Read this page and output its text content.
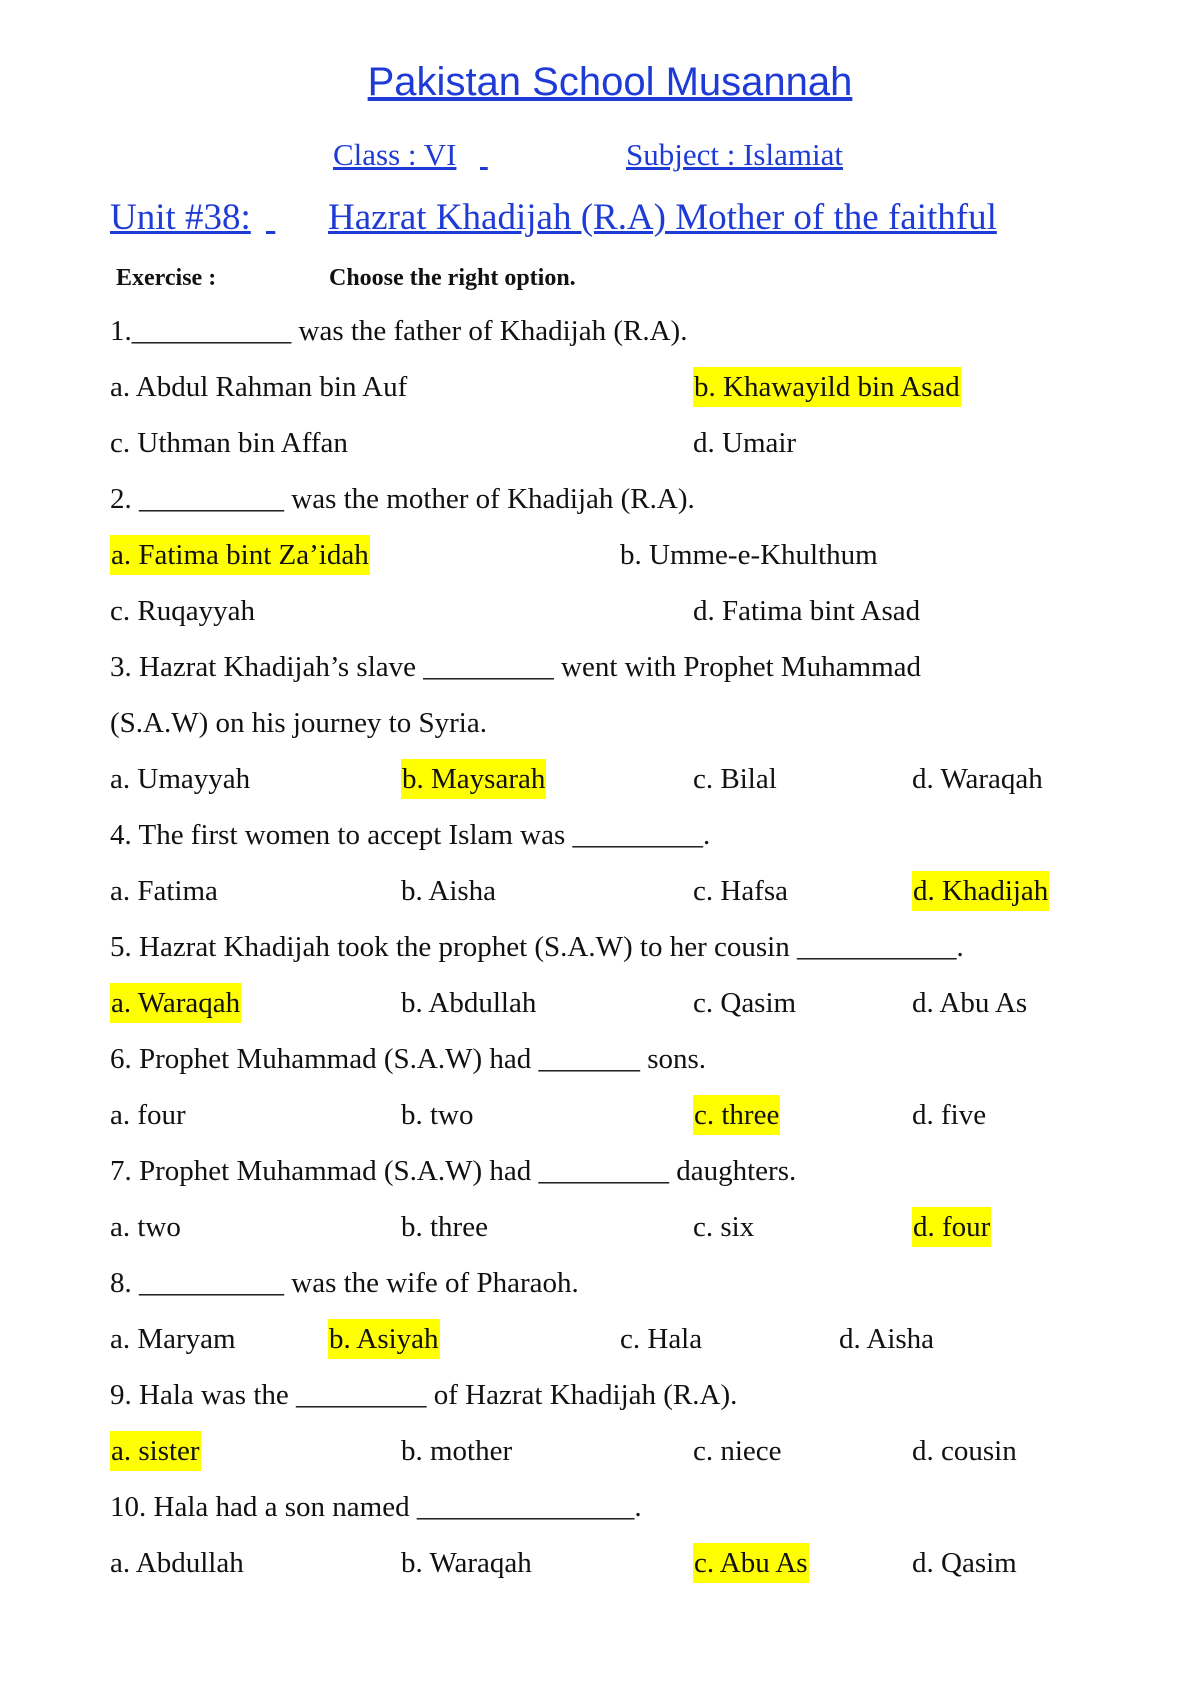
Pakistan School Musannah
Class : VI
	Subject : Islamiat
Unit #38:
Hazrat Khadijah (R.A) Mother of the faithful
Exercise :	Choose the right option.
1.___________ was the father of Khadijah (R.A).
a. Abdul Rahman bin Auf	b. Khawayild bin Asad
c. Uthman bin Affan	d. Umair
2. __________ was the mother of Khadijah (R.A).
a. Fatima bint Za’idah	b. Umme-e-Khulthum
c. Ruqayyah	d. Fatima bint Asad
3. Hazrat Khadijah’s slave _________ went with Prophet Muhammad
(S.A.W) on his journey to Syria.
a. Umayyah	b. Maysarah	c. Bilal	d. Waraqah
4. The first women to accept Islam was _________.
a. Fatima	b. Aisha	c. Hafsa	d. Khadijah
5. Hazrat Khadijah took the prophet (S.A.W) to her cousin ___________.
a. Waraqah	b. Abdullah	c. Qasim	d. Abu As
6. Prophet Muhammad (S.A.W) had _______ sons.
a. four	b. two	c. three	d. five
7. Prophet Muhammad (S.A.W) had _________ daughters.
a. two	b. three	c. six	d. four
8. __________ was the wife of Pharaoh.
a. Maryam	b. Asiyah	c. Hala	d. Aisha
9. Hala was the _________ of Hazrat Khadijah (R.A).
a. sister	b. mother	c. niece	d. cousin
10. Hala had a son named _______________.
a. Abdullah	b. Waraqah	c. Abu As	d. Qasim
